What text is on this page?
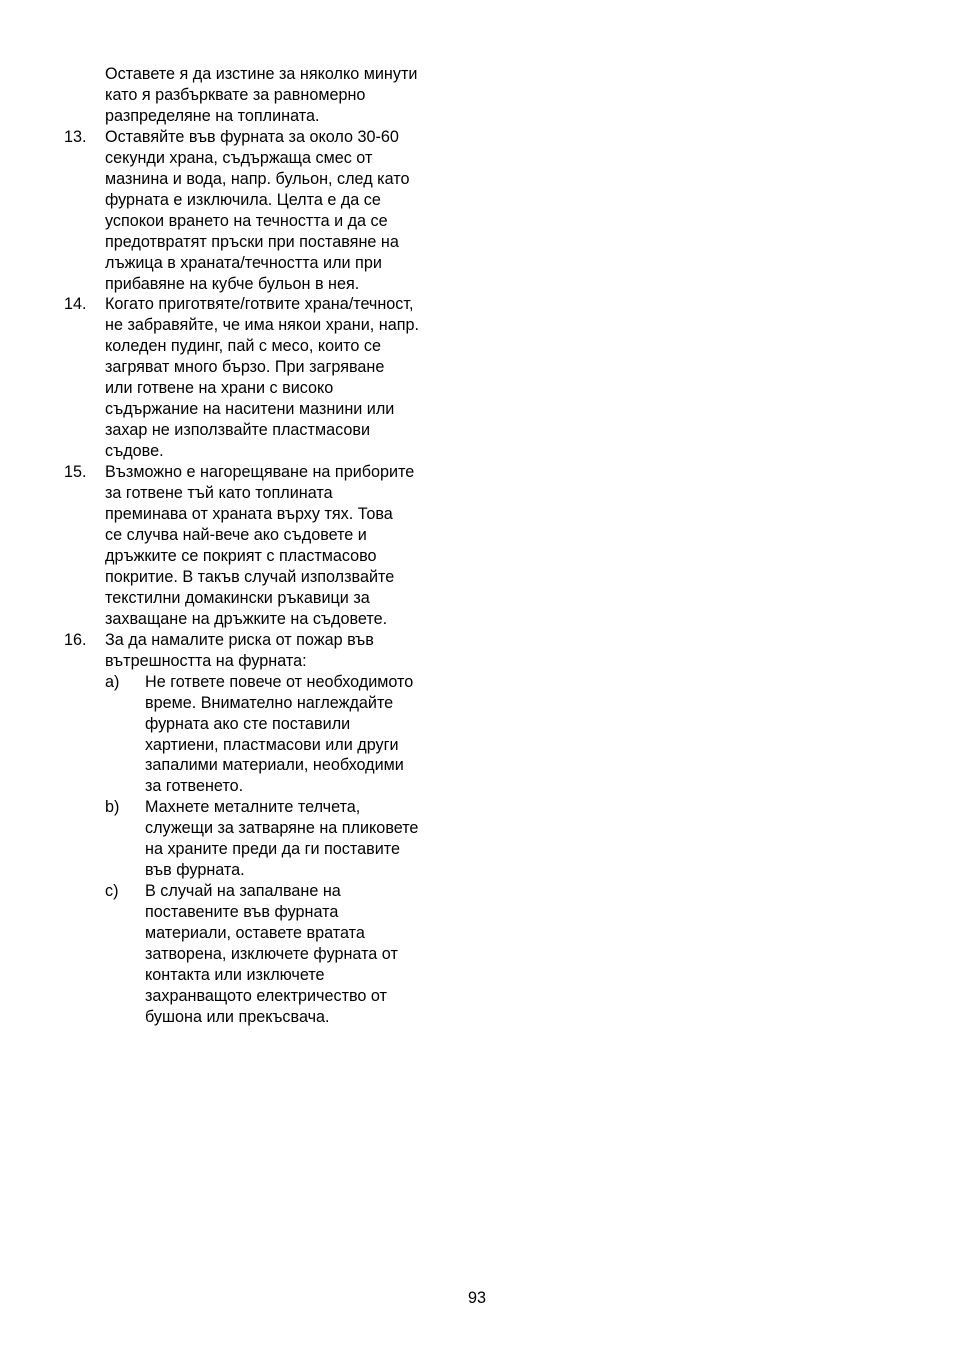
Оставете я да изстине за няколко минути
като я разбърквате за равномерно
разпределяне на топлината.
13.	Оставяйте във фурната за около 30-60
секунди храна, съдържаща смес от
мазнина и вода, напр. бульон, след като
фурната е изключила. Целта е да се
успокои врането на течността и да се
предотвратят пръски при поставяне на
лъжица в храната/течността или при
прибавяне на кубче бульон в нея.
14.	Когато приготвяте/готвите храна/течност,
не забравяйте, че има някои храни, напр.
коледен пудинг, пай с месо, които се
загряват много бързо. При загряване
или готвене на храни с високо
съдържание на наситени мазнини или
захар не използвайте пластмасови
съдове.
15.	Възможно е нагорещяване на приборите
за готвене тъй като топлината
преминава от храната върху тях. Това
се случва най-вече ако съдовете и
дръжките се покрият с пластмасово
покритие. В такъв случай използвайте
текстилни домакински ръкавици за
захващане на дръжките на съдовете.
16.	За да намалите риска от пожар във
вътрешността на фурната:
a)	Не гответе повече от необходимото
време. Внимателно наглеждайте
фурната ако сте поставили
хартиени, пластмасови или други
запалими материали, необходими
за готвенето.
b)	Махнете металните телчета,
служещи за затваряне на пликовете
на храните преди да ги поставите
във фурната.
c)	В случай на запалване на
поставените във фурната
материали, оставете вратата
затворена, изключете фурната от
контакта или изключете
захранващото електричество от
бушона или прекъсвача.
93
